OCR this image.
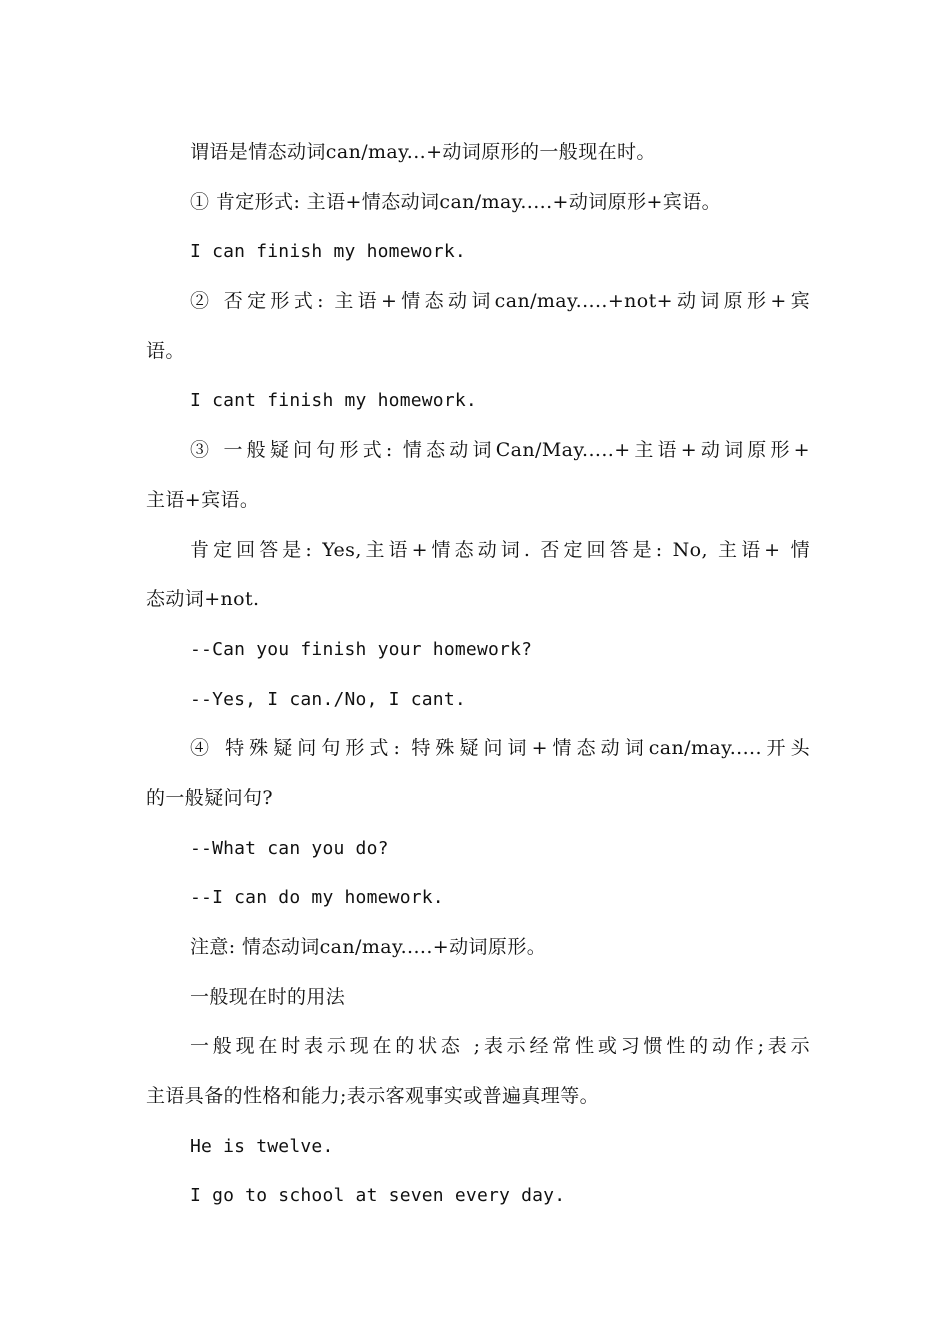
谓语是情态动词can/may...+动词原形的一般现在时。
① 肯定形式: 主语+情态动词can/may.....+动词原形+宾语。
I can finish my homework.
② 否定形式: 主语+情态动词can/may.....+not+动词原形+宾
语。
I cant finish my homework.
③ 一般疑问句形式: 情态动词Can/May.....+主语+动词原形+
主语+宾语。
肯定回答是: Yes,主语+情态动词. 否定回答是: No, 主语+ 情
态动词+not.
--Can you finish your homework?
--Yes, I can./No, I cant.
④ 特殊疑问句形式: 特殊疑问词+情态动词can/may.....开头
的一般疑问句?
--What can you do?
--I can do my homework.
注意: 情态动词can/may.....+动词原形。
一般现在时的用法
一般现在时表示现在的状态 ;表示经常性或习惯性的动作;表示
主语具备的性格和能力;表示客观事实或普遍真理等。
He is twelve.
I go to school at seven every day.
